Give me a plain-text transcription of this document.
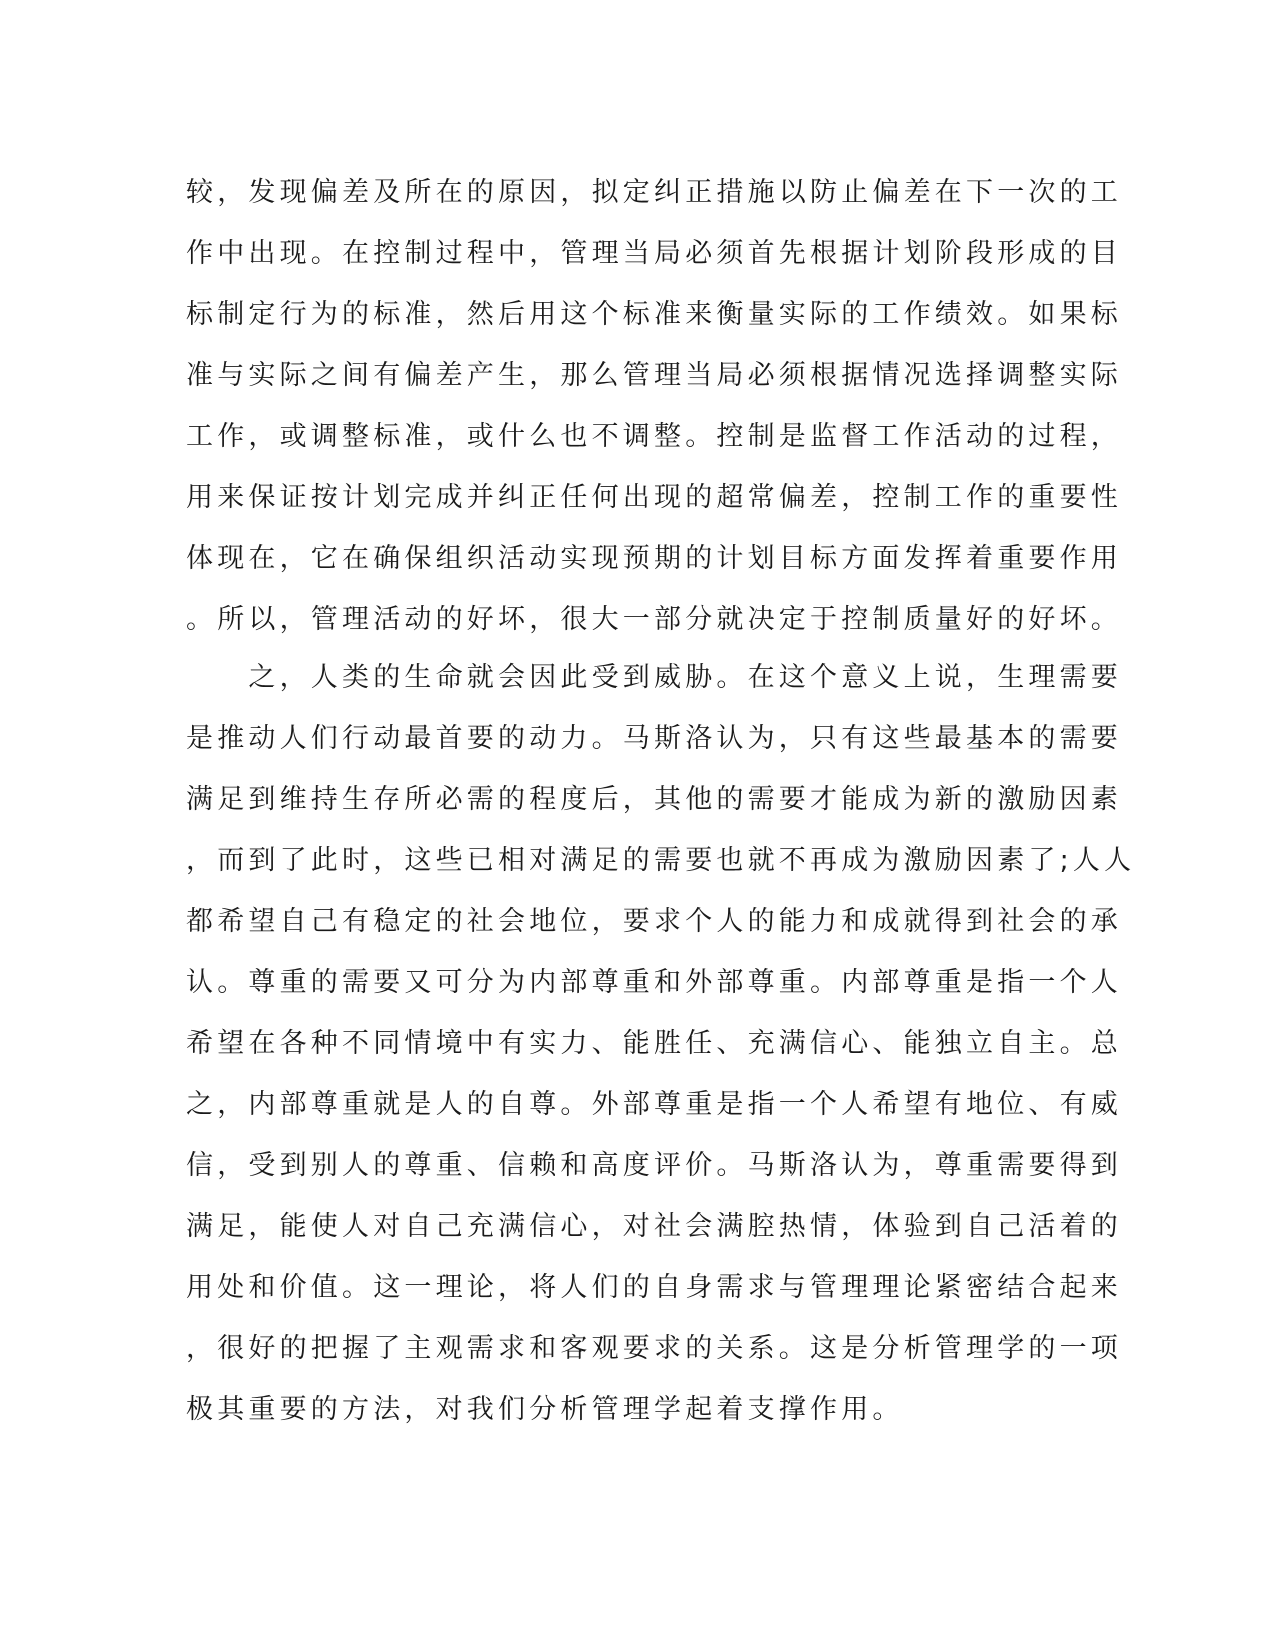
较，发现偏差及所在的原因，拟定纠正措施以防止偏差在下一次的工
作中出现。在控制过程中，管理当局必须首先根据计划阶段形成的目
标制定行为的标准，然后用这个标准来衡量实际的工作绩效。如果标
准与实际之间有偏差产生，那么管理当局必须根据情况选择调整实际
工作，或调整标准，或什么也不调整。控制是监督工作活动的过程，
用来保证按计划完成并纠正任何出现的超常偏差，控制工作的重要性
体现在，它在确保组织活动实现预期的计划目标方面发挥着重要作用
。所以，管理活动的好坏，很大一部分就决定于控制质量好的好坏。
　　之，人类的生命就会因此受到威胁。在这个意义上说，生理需要
是推动人们行动最首要的动力。马斯洛认为，只有这些最基本的需要
满足到维持生存所必需的程度后，其他的需要才能成为新的激励因素
，而到了此时，这些已相对满足的需要也就不再成为激励因素了;人人
都希望自己有稳定的社会地位，要求个人的能力和成就得到社会的承
认。尊重的需要又可分为内部尊重和外部尊重。内部尊重是指一个人
希望在各种不同情境中有实力、能胜任、充满信心、能独立自主。总
之，内部尊重就是人的自尊。外部尊重是指一个人希望有地位、有威
信，受到别人的尊重、信赖和高度评价。马斯洛认为，尊重需要得到
满足，能使人对自己充满信心，对社会满腔热情，体验到自己活着的
用处和价值。这一理论，将人们的自身需求与管理理论紧密结合起来
，很好的把握了主观需求和客观要求的关系。这是分析管理学的一项
极其重要的方法，对我们分析管理学起着支撑作用。
